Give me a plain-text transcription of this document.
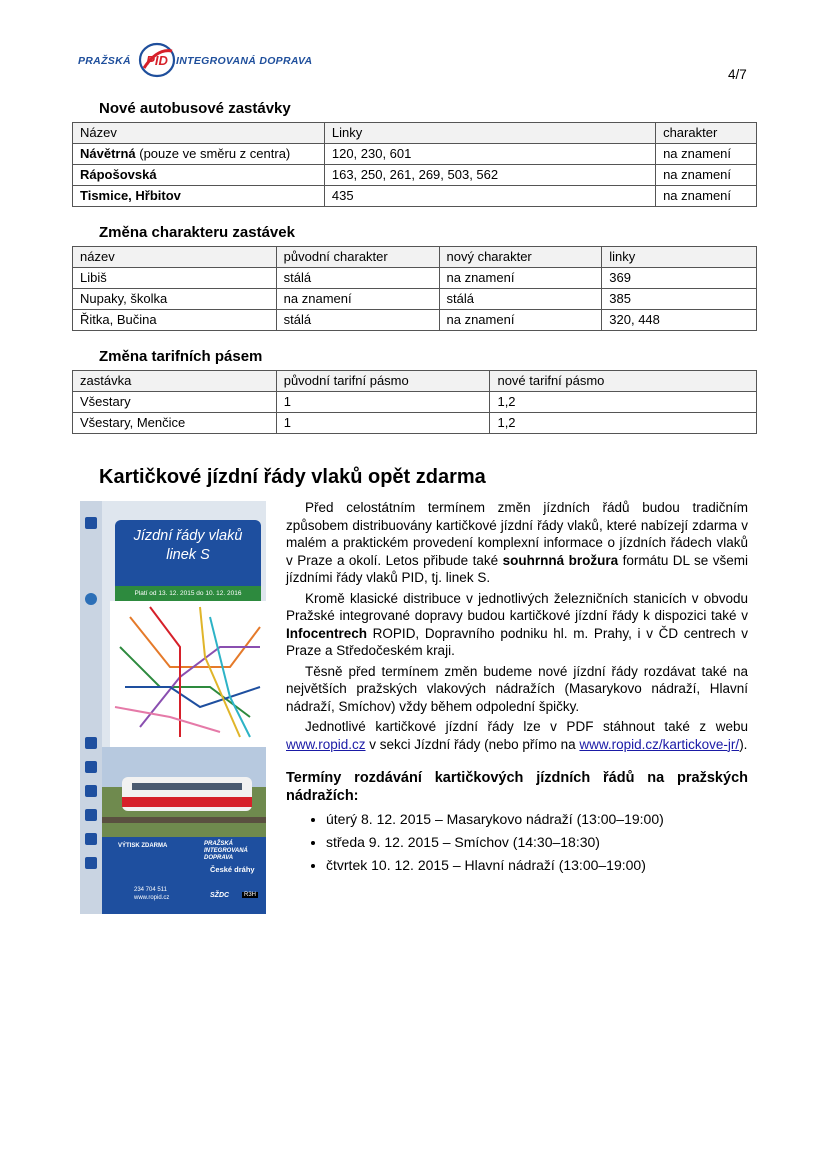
PRAŽSKÁ PID INTEGROVANÁ DOPRAVA
4/7
Nové autobusové zastávky
Název	Linky	charakter
Návětrná (pouze ve směru z centra)	120, 230, 601	na znamení
Rápošovská	163, 250, 261, 269, 503, 562	na znamení
Tismice, Hřbitov	435	na znamení
Změna charakteru zastávek
název	původní charakter	nový charakter	linky
Libiš	stálá	na znamení	369
Nupaky, školka	na znamení	stálá	385
Řitka, Bučina	stálá	na znamení	320, 448
Změna tarifních pásem
zastávka	původní tarifní pásmo	nové tarifní pásmo
Všestary	1	1,2
Všestary, Menčice	1	1,2
Kartičkové jízdní řády vlaků opět zdarma
Jízdní řády vlaků
linek S
Platí od 13. 12. 2015 do 10. 12. 2016
VÝTISK ZDARMA	PRAŽSKÁ INTEGROVANÁ DOPRAVA
České dráhy
234 704 511
www.ropid.cz	SŽDC	R3H

Před celostátním termínem změn jízdních řádů budou tradičním způsobem distribuovány kartičkové jízdní řády vlaků, které nabízejí zdarma v malém a praktickém provedení komplexní informace o jízdních řádech vlaků v Praze a okolí. Letos přibude také souhrnná brožura formátu DL se všemi jízdními řády vlaků PID, tj. linek S.

Kromě klasické distribuce v jednotlivých železničních stanicích v obvodu Pražské integrované dopravy budou kartičkové jízdní řády k dispozici také v Infocentrech ROPID, Dopravního podniku hl. m. Prahy, i v ČD centrech v Praze a Středočeském kraji.

Těsně před termínem změn budeme nové jízdní řády rozdávat také na největších pražských vlakových nádražích (Masarykovo nádraží, Hlavní nádraží, Smíchov) vždy během odpolední špičky.

Jednotlivé kartičkové jízdní řády lze v PDF stáhnout také z webu www.ropid.cz v sekci Jízdní řády (nebo přímo na www.ropid.cz/kartickove-jr/).

Termíny rozdávání kartičkových jízdních řádů na pražských nádražích:
• úterý 8. 12. 2015 – Masarykovo nádraží (13:00–19:00)
• středa 9. 12. 2015 – Smíchov (14:30–18:30)
• čtvrtek 10. 12. 2015 – Hlavní nádraží (13:00–19:00)
